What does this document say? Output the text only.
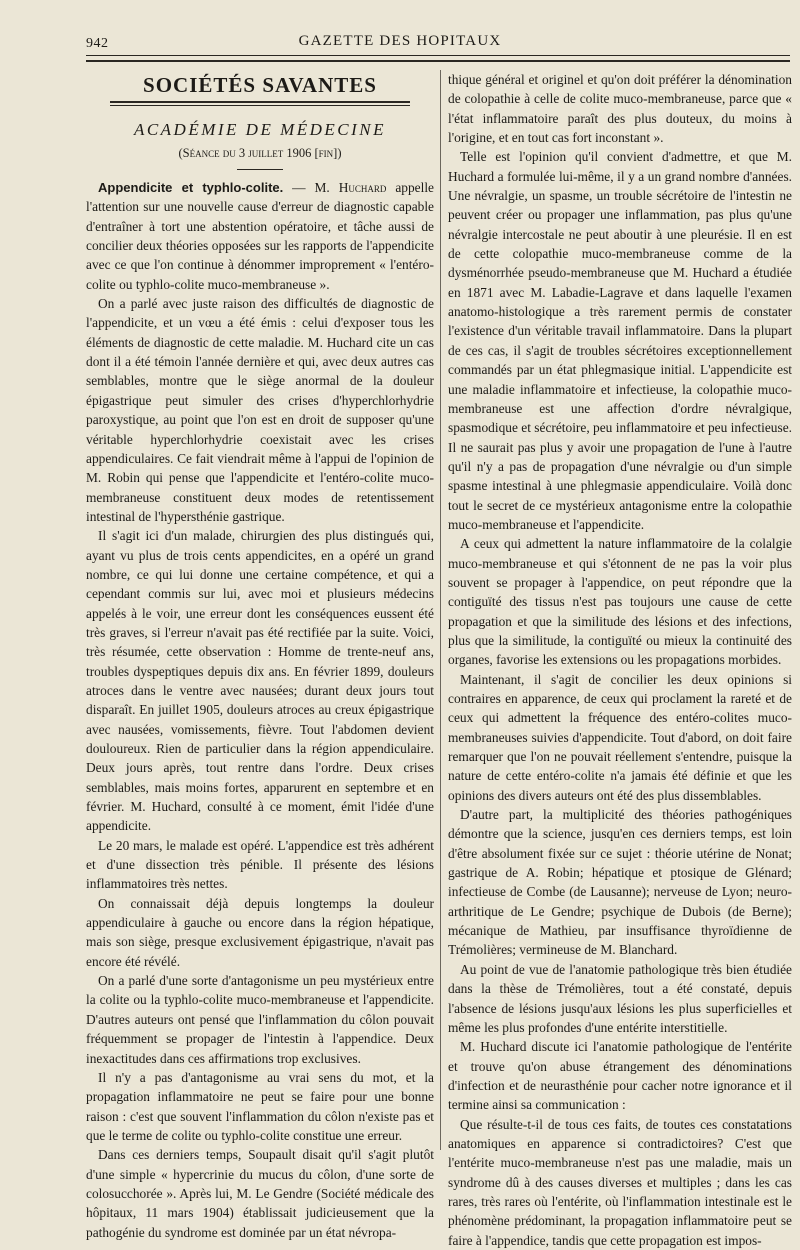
942	GAZETTE DES HOPITAUX
SOCIÉTÉS SAVANTES
ACADÉMIE DE MÉDECINE
(Séance du 3 juillet 1906 [fin])

Appendicite et typhlo-colite. — M. Huchard appelle l'attention sur une nouvelle cause d'erreur de diagnostic capable d'entraîner à tort une abstention opératoire, et tâche aussi de concilier deux théories opposées sur les rapports de l'appendicite avec ce que l'on continue à dénommer improprement « l'entéro-colite ou typhlo-colite muco-membraneuse ».

On a parlé avec juste raison des difficultés de diagnostic de l'appendicite, et un vœu a été émis : celui d'exposer tous les éléments de diagnostic de cette maladie. M. Huchard cite un cas dont il a été témoin l'année dernière et qui, avec deux autres cas semblables, montre que le siège anormal de la douleur épigastrique peut simuler des crises d'hyperchlorhydrie paroxystique, au point que l'on est en droit de supposer qu'une véritable hyperchlorhydrie coexistait avec les crises appendiculaires. Ce fait viendrait même à l'appui de l'opinion de M. Robin qui pense que l'appendicite et l'entéro-colite muco-membraneuse constituent deux modes de retentissement intestinal de l'hypersthénie gastrique.

Il s'agit ici d'un malade, chirurgien des plus distingués qui, ayant vu plus de trois cents appendicites, en a opéré un grand nombre, ce qui lui donne une certaine compétence, et qui a cependant commis sur lui, avec moi et plusieurs médecins appelés à le voir, une erreur dont les conséquences eussent été très graves, si l'erreur n'avait pas été rectifiée par la suite. Voici, très résumée, cette observation : Homme de trente-neuf ans, troubles dyspeptiques depuis dix ans. En février 1899, douleurs atroces dans le ventre avec nausées; durant deux jours tout disparaît. En juillet 1905, douleurs atroces au creux épigastrique avec nausées, vomissements, fièvre. Tout l'abdomen devient douloureux. Rien de particulier dans la région appendiculaire. Deux jours après, tout rentre dans l'ordre. Deux crises semblables, mais moins fortes, apparurent en septembre et en février. M. Huchard, consulté à ce moment, émit l'idée d'une appendicite.

Le 20 mars, le malade est opéré. L'appendice est très adhérent et d'une dissection très pénible. Il présente des lésions inflammatoires très nettes.

On connaissait déjà depuis longtemps la douleur appendiculaire à gauche ou encore dans la région hépatique, mais son siège, presque exclusivement épigastrique, n'avait pas encore été révélé.

On a parlé d'une sorte d'antagonisme un peu mystérieux entre la colite ou la typhlo-colite muco-membraneuse et l'appendicite. D'autres auteurs ont pensé que l'inflammation du côlon pouvait fréquemment se propager de l'intestin à l'appendice. Deux inexactitudes dans ces affirmations trop exclusives.

Il n'y a pas d'antagonisme au vrai sens du mot, et la propagation inflammatoire ne peut se faire pour une bonne raison : c'est que souvent l'inflammation du côlon n'existe pas et que le terme de colite ou typhlo-colite constitue une erreur.

Dans ces derniers temps, Soupault disait qu'il s'agit plutôt d'une simple « hypercrinie du mucus du côlon, d'une sorte de colosucchorée ». Après lui, M. Le Gendre (Société médicale des hôpitaux, 11 mars 1904) établissait judicieusement que la pathogénie du syndrome est dominée par un état névropa-

thique général et originel et qu'on doit préférer la dénomination de colopathie à celle de colite muco-membraneuse, parce que « l'état inflammatoire paraît des plus douteux, du moins à l'origine, et en tout cas fort inconstant ».

Telle est l'opinion qu'il convient d'admettre, et que M. Huchard a formulée lui-même, il y a un grand nombre d'années. Une névralgie, un spasme, un trouble sécrétoire de l'intestin ne peuvent créer ou propager une inflammation, pas plus qu'une névralgie intercostale ne peut aboutir à une pleurésie. Il en est de cette colopathie muco-membraneuse comme de la dysménorrhée pseudo-membraneuse que M. Huchard a étudiée en 1871 avec M. Labadie-Lagrave et dans laquelle l'examen anatomo-histologique a très rarement permis de constater l'existence d'un véritable travail inflammatoire. Dans la plupart de ces cas, il s'agit de troubles sécrétoires exceptionnellement commandés par un état phlegmasique initial. L'appendicite est une maladie inflammatoire et infectieuse, la colopathie muco-membraneuse est une affection d'ordre névralgique, spasmodique et sécrétoire, peu inflammatoire et peu infectieuse. Il ne saurait pas plus y avoir une propagation de l'une à l'autre qu'il n'y a pas de propagation d'une névralgie ou d'un simple spasme intestinal à une phlegmasie appendiculaire. Voilà donc tout le secret de ce mystérieux antagonisme entre la colopathie muco-membraneuse et l'appendicite.

A ceux qui admettent la nature inflammatoire de la colalgie muco-membraneuse et qui s'étonnent de ne pas la voir plus souvent se propager à l'appendice, on peut répondre que la contiguïté des tissus n'est pas toujours une cause de cette propagation et que la similitude des lésions et des infections, plus que la similitude, la contiguïté ou mieux la continuité des organes, favorise les extensions ou les propagations morbides.

Maintenant, il s'agit de concilier les deux opinions si contraires en apparence, de ceux qui proclament la rareté et de ceux qui admettent la fréquence des entéro-colites muco-membraneuses suivies d'appendicite. Tout d'abord, on doit faire remarquer que l'on ne pouvait réellement s'entendre, puisque la nature de cette entéro-colite n'a jamais été définie et que les opinions des divers auteurs ont été des plus dissemblables.

D'autre part, la multiplicité des théories pathogéniques démontre que la science, jusqu'en ces derniers temps, est loin d'être absolument fixée sur ce sujet : théorie utérine de Nonat; gastrique de A. Robin; hépatique et ptosique de Glénard; infectieuse de Combe (de Lausanne); nerveuse de Lyon; neuro-arthritique de Le Gendre; psychique de Dubois (de Berne); mécanique de Mathieu, par insuffisance thyroïdienne de Trémolières; vermineuse de M. Blanchard.

Au point de vue de l'anatomie pathologique très bien étudiée dans la thèse de Trémolières, tout a été constaté, depuis l'absence de lésions jusqu'aux lésions les plus superficielles et même les plus profondes d'une entérite interstitielle.

M. Huchard discute ici l'anatomie pathologique de l'entérite et trouve qu'on abuse étrangement des dénominations d'infection et de neurasthénie pour cacher notre ignorance et il termine ainsi sa communication :

Que résulte-t-il de tous ces faits, de toutes ces constatations anatomiques en apparence si contradictoires? C'est que l'entérite muco-membraneuse n'est pas une maladie, mais un syndrome dû à des causes diverses et multiples ; dans les cas rares, très rares où l'entérite, où l'inflammation intestinale est le phénomène prédominant, la propagation inflammatoire peut se faire à l'appendice, tandis que cette propagation est impos-
